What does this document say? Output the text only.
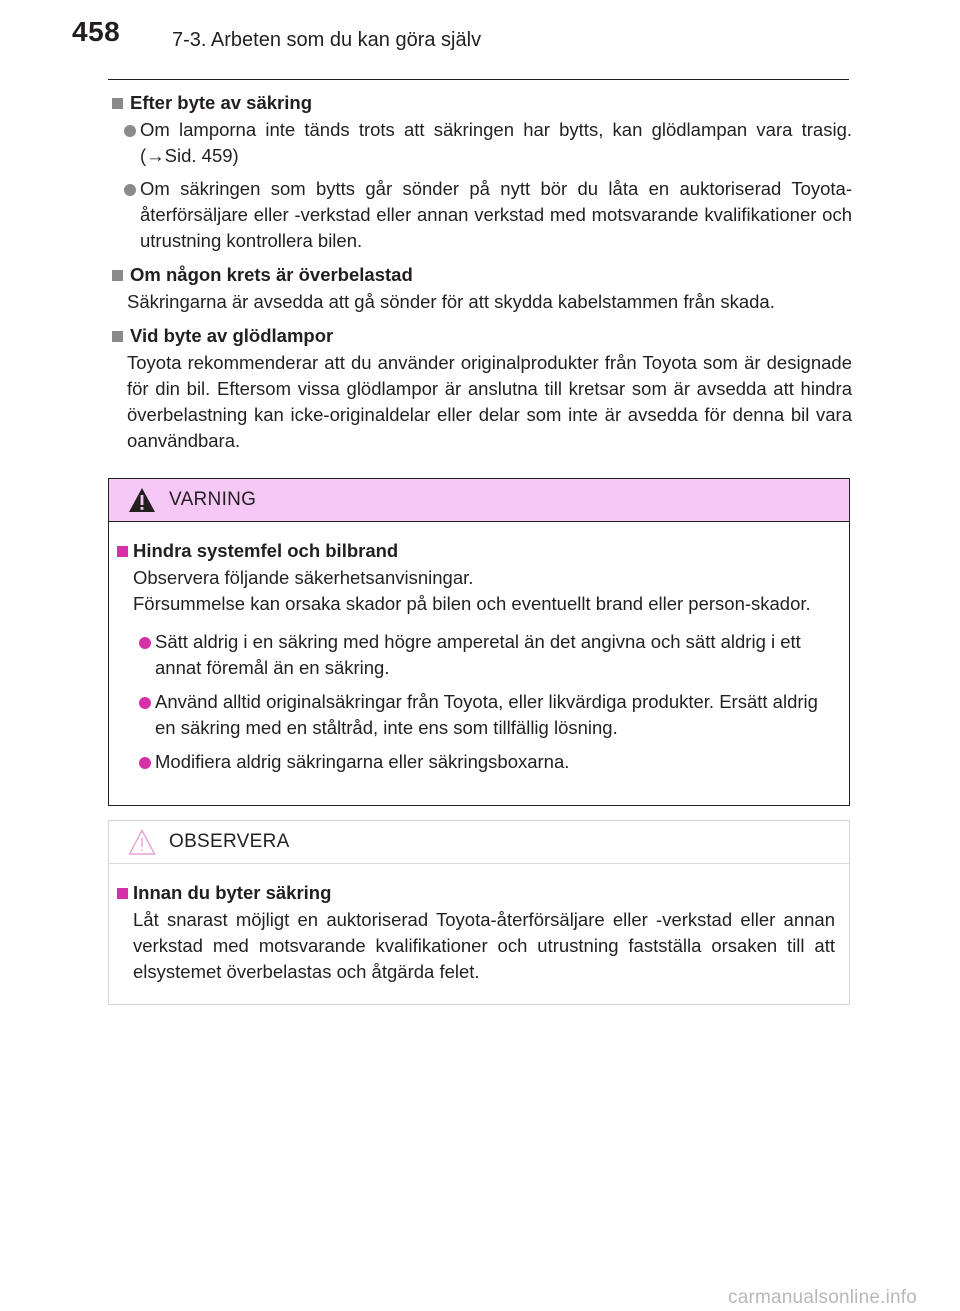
458	7-3. Arbeten som du kan göra själv
Efter byte av säkring
Om lamporna inte tänds trots att säkringen har bytts, kan glödlampan vara trasig. (→Sid. 459)
Om säkringen som bytts går sönder på nytt bör du låta en auktoriserad Toyota-återförsäljare eller -verkstad eller annan verkstad med motsvarande kvalifikationer och utrustning kontrollera bilen.
Om någon krets är överbelastad
Säkringarna är avsedda att gå sönder för att skydda kabelstammen från skada.
Vid byte av glödlampor
Toyota rekommenderar att du använder originalprodukter från Toyota som är designade för din bil. Eftersom vissa glödlampor är anslutna till kretsar som är avsedda att hindra överbelastning kan icke-originaldelar eller delar som inte är avsedda för denna bil vara oanvändbara.
VARNING
Hindra systemfel och bilbrand
Observera följande säkerhetsanvisningar.
Försummelse kan orsaka skador på bilen och eventuellt brand eller person-skador.
Sätt aldrig i en säkring med högre amperetal än det angivna och sätt aldrig i ett annat föremål än en säkring.
Använd alltid originalsäkringar från Toyota, eller likvärdiga produkter. Ersätt aldrig en säkring med en ståltråd, inte ens som tillfällig lösning.
Modifiera aldrig säkringarna eller säkringsboxarna.
OBSERVERA
Innan du byter säkring
Låt snarast möjligt en auktoriserad Toyota-återförsäljare eller -verkstad eller annan verkstad med motsvarande kvalifikationer och utrustning fastställa orsaken till att elsystemet överbelastas och åtgärda felet.
carmanualsonline.info
